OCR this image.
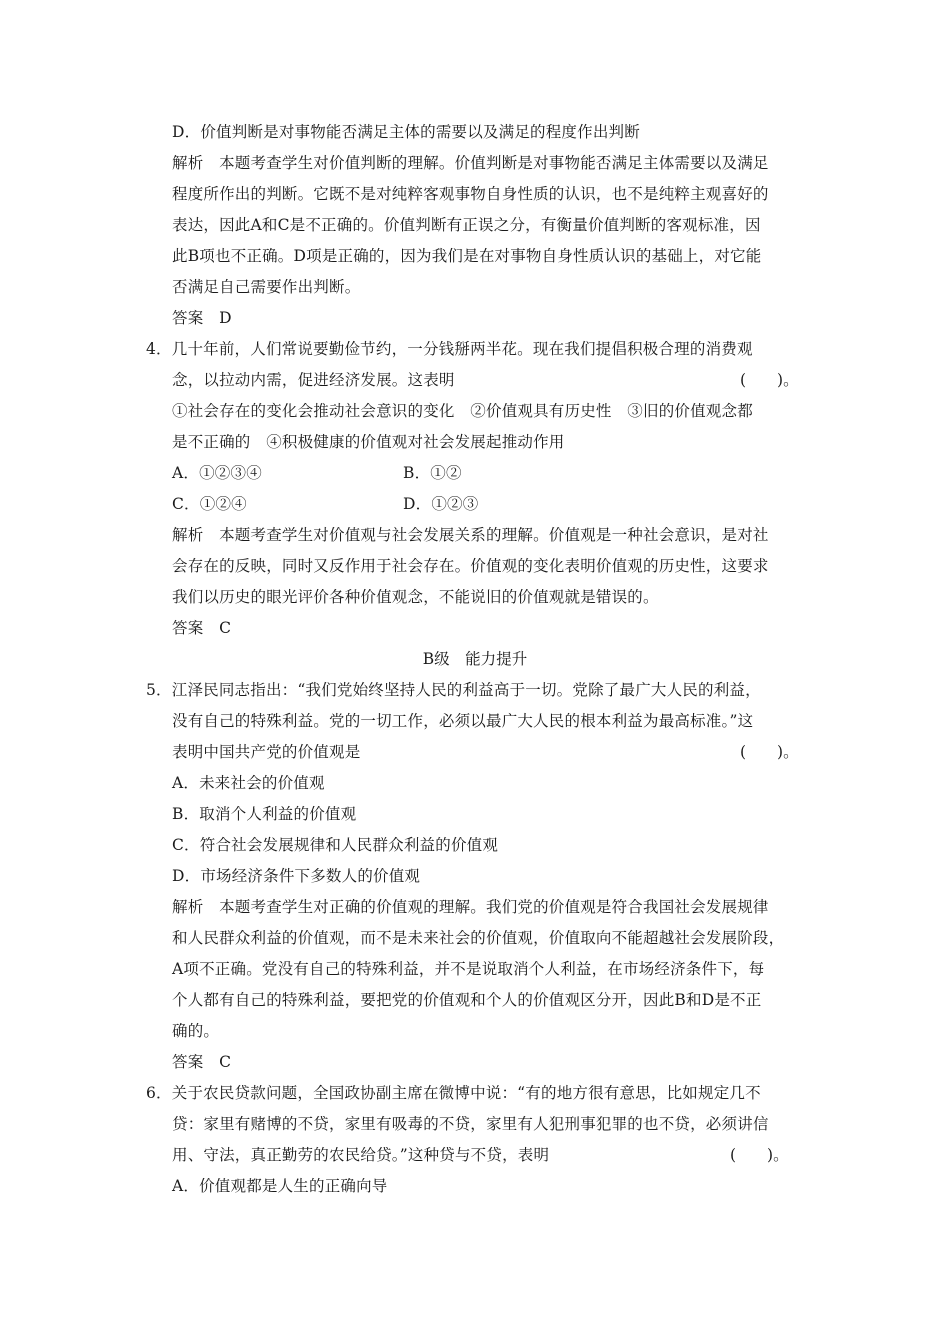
D．价值判断是对事物能否满足主体的需要以及满足的程度作出判断
解析　本题考查学生对价值判断的理解。价值判断是对事物能否满足主体需要以及满足
程度所作出的判断。它既不是对纯粹客观事物自身性质的认识，也不是纯粹主观喜好的
表达，因此A和C是不正确的。价值判断有正误之分，有衡量价值判断的客观标准，因
此B项也不正确。D项是正确的，因为我们是在对事物自身性质认识的基础上，对它能
否满足自己需要作出判断。
答案　D
4．几十年前，人们常说要勤俭节约，一分钱掰两半花。现在我们提倡积极合理的消费观
念，以拉动内需，促进经济发展。这表明	(　　)。
①社会存在的变化会推动社会意识的变化　②价值观具有历史性　③旧的价值观念都
是不正确的　④积极健康的价值观对社会发展起推动作用
A．①②③④	B．①②
C．①②④	D．①②③
解析　本题考查学生对价值观与社会发展关系的理解。价值观是一种社会意识，是对社
会存在的反映，同时又反作用于社会存在。价值观的变化表明价值观的历史性，这要求
我们以历史的眼光评价各种价值观念，不能说旧的价值观就是错误的。
答案　C
B级　能力提升
5．江泽民同志指出：“我们党始终坚持人民的利益高于一切。党除了最广大人民的利益，
没有自己的特殊利益。党的一切工作，必须以最广大人民的根本利益为最高标准。”这
表明中国共产党的价值观是	(　　)。
A．未来社会的价值观
B．取消个人利益的价值观
C．符合社会发展规律和人民群众利益的价值观
D．市场经济条件下多数人的价值观
解析　本题考查学生对正确的价值观的理解。我们党的价值观是符合我国社会发展规律
和人民群众利益的价值观，而不是未来社会的价值观，价值取向不能超越社会发展阶段，
A项不正确。党没有自己的特殊利益，并不是说取消个人利益，在市场经济条件下，每
个人都有自己的特殊利益，要把党的价值观和个人的价值观区分开，因此B和D是不正
确的。
答案　C
6．关于农民贷款问题，全国政协副主席在微博中说：“有的地方很有意思，比如规定几不
贷：家里有赌博的不贷，家里有吸毒的不贷，家里有人犯刑事犯罪的也不贷，必须讲信
用、守法，真正勤劳的农民给贷。”这种贷与不贷，表明	(　　)。
A．价值观都是人生的正确向导
